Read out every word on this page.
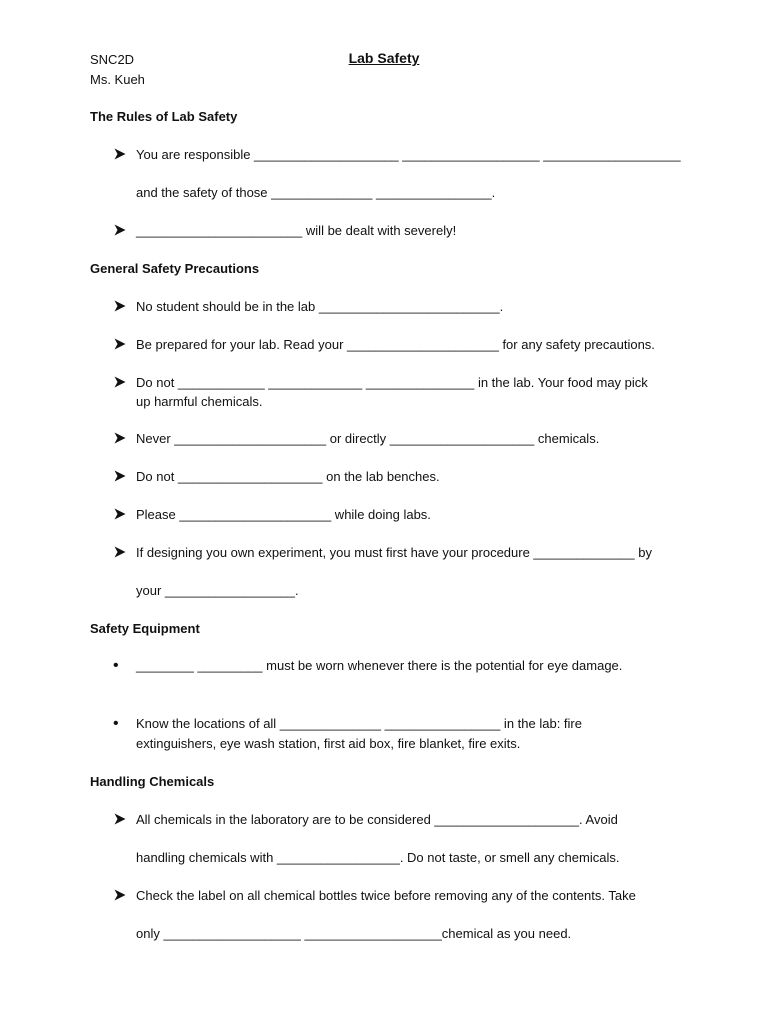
SNC2D
Ms. Kueh
Lab Safety
The Rules of Lab Safety
You are responsible ____________________ ___________________ ___________________
and the safety of those ______________ ________________.
_______________________ will be dealt with severely!
General Safety Precautions
No student should be in the lab _________________________.
Be prepared for your lab. Read your _____________________ for any safety precautions.
Do not ____________ _____________ _______________ in the lab. Your food may pick
up harmful chemicals.
Never _____________________ or directly ____________________ chemicals.
Do not ____________________ on the lab benches.
Please _____________________ while doing labs.
If designing you own experiment, you must first have your procedure ______________ by
your __________________.
Safety Equipment
• ________ _________ must be worn whenever there is the potential for eye damage.
• Know the locations of all ______________ ________________ in the lab: fire
extinguishers, eye wash station, first aid box, fire blanket, fire exits.
Handling Chemicals
All chemicals in the laboratory are to be considered ____________________. Avoid
handling chemicals with _________________. Do not taste, or smell any chemicals.
Check the label on all chemical bottles twice before removing any of the contents. Take
only ___________________ ___________________chemical as you need.
